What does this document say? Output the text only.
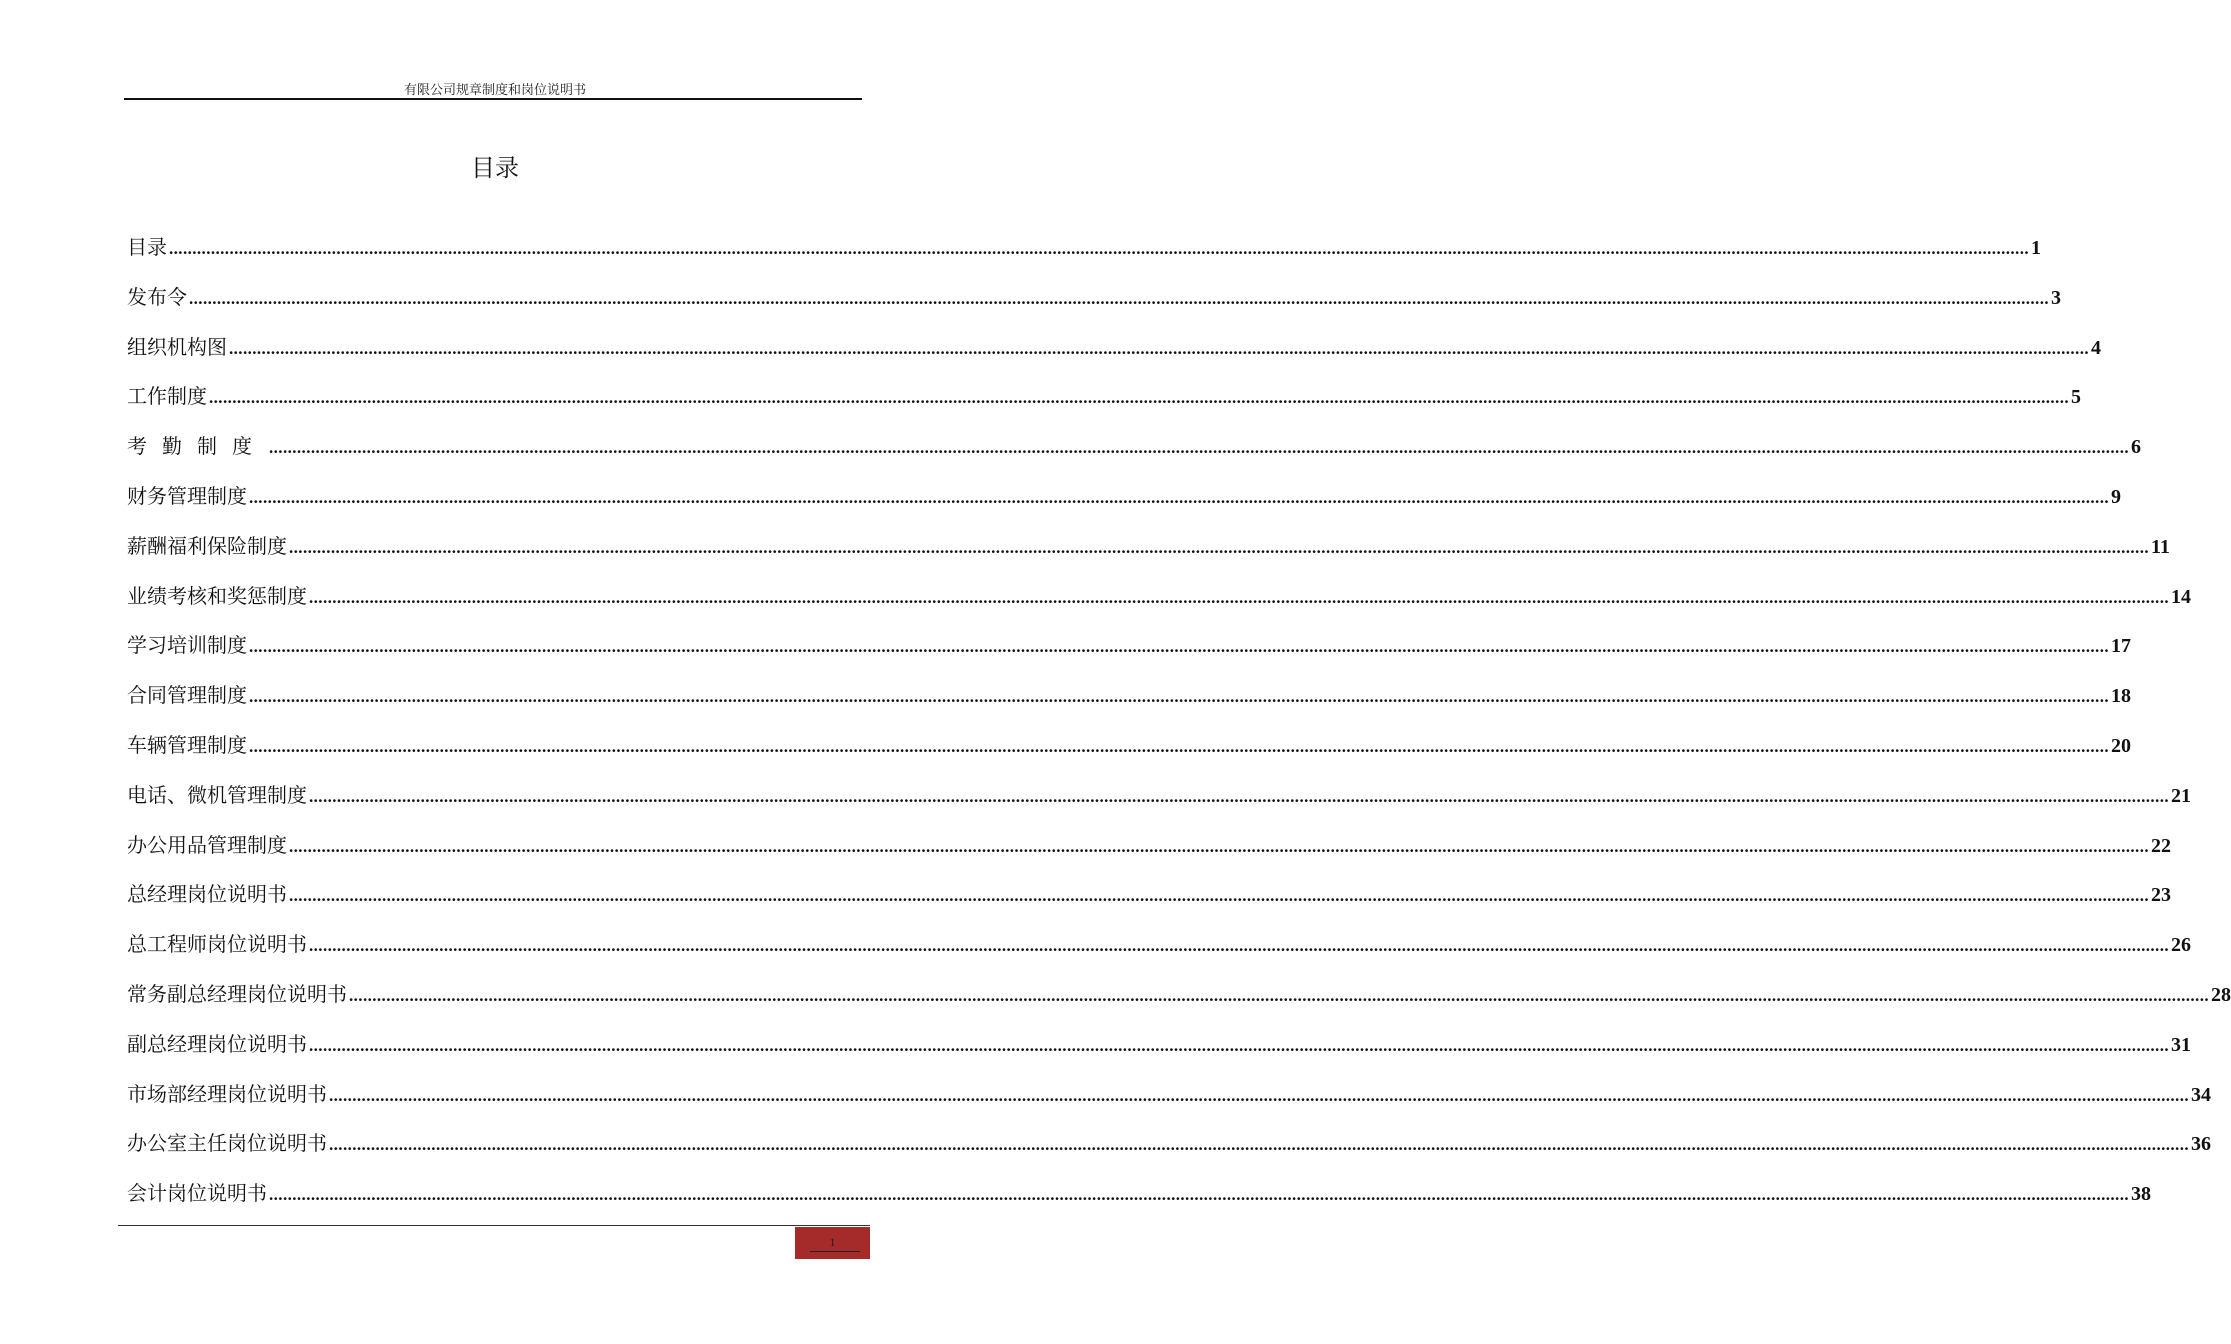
有限公司规章制度和岗位说明书
目录
目录 ................................................................................................................................................................................................................................................................................................................................................................................................................ 1
发布令 ................................................................................................................................................................................................................................................................................................................................................................................................................ 3
组织机构图 ................................................................................................................................................................................................................................................................................................................................................................................................................ 4
工作制度 ................................................................................................................................................................................................................................................................................................................................................................................................................ 5
考勤制度 ................................................................................................................................................................................................................................................................................................................................................................................................................ 6
财务管理制度 ................................................................................................................................................................................................................................................................................................................................................................................................................ 9
薪酬福利保险制度 ................................................................................................................................................................................................................................................................................................................................................................................................................ 11
业绩考核和奖惩制度 ................................................................................................................................................................................................................................................................................................................................................................................................................ 14
学习培训制度 ................................................................................................................................................................................................................................................................................................................................................................................................................ 17
合同管理制度 ................................................................................................................................................................................................................................................................................................................................................................................................................ 18
车辆管理制度 ................................................................................................................................................................................................................................................................................................................................................................................................................ 20
电话、微机管理制度 ................................................................................................................................................................................................................................................................................................................................................................................................................ 21
办公用品管理制度 ................................................................................................................................................................................................................................................................................................................................................................................................................ 22
总经理岗位说明书 ................................................................................................................................................................................................................................................................................................................................................................................................................ 23
总工程师岗位说明书 ................................................................................................................................................................................................................................................................................................................................................................................................................ 26
常务副总经理岗位说明书 ................................................................................................................................................................................................................................................................................................................................................................................................................ 28
副总经理岗位说明书 ................................................................................................................................................................................................................................................................................................................................................................................................................ 31
市场部经理岗位说明书 ................................................................................................................................................................................................................................................................................................................................................................................................................ 34
办公室主任岗位说明书 ................................................................................................................................................................................................................................................................................................................................................................................................................ 36
会计岗位说明书 ................................................................................................................................................................................................................................................................................................................................................................................................................ 38
1
